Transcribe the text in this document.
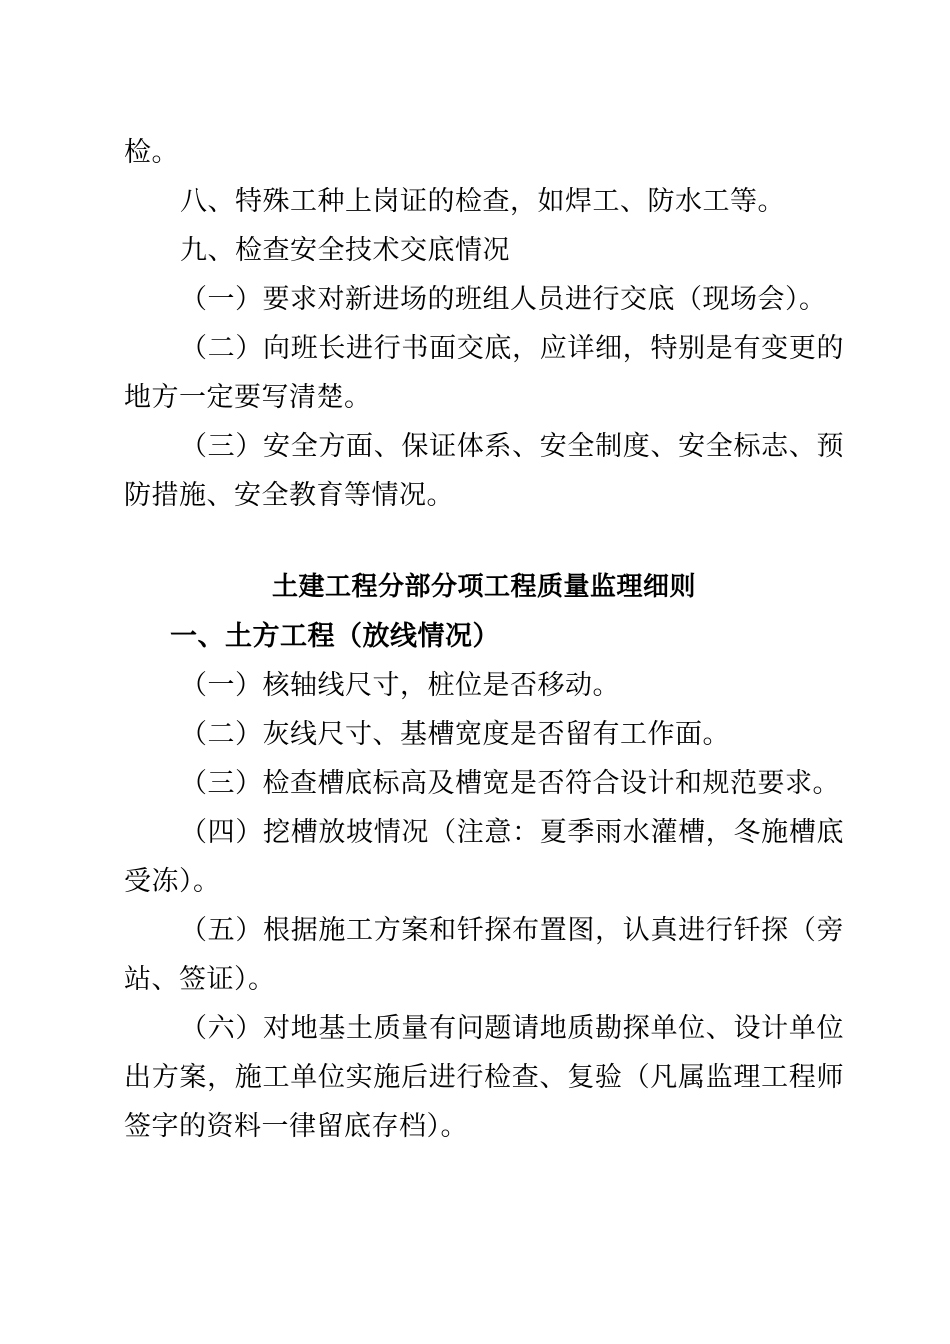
检。

八、特殊工种上岗证的检查，如焊工、防水工等。

九、检查安全技术交底情况

（一）要求对新进场的班组人员进行交底（现场会）。

（二）向班长进行书面交底，应详细，特别是有变更的地方一定要写清楚。

（三）安全方面、保证体系、安全制度、安全标志、预防措施、安全教育等情况。

土建工程分部分项工程质量监理细则

一、土方工程（放线情况）

（一）核轴线尺寸，桩位是否移动。

（二）灰线尺寸、基槽宽度是否留有工作面。

（三）检查槽底标高及槽宽是否符合设计和规范要求。

（四）挖槽放坡情况（注意：夏季雨水灌槽，冬施槽底受冻）。

（五）根据施工方案和钎探布置图，认真进行钎探（旁站、签证）。

（六）对地基土质量有问题请地质勘探单位、设计单位出方案，施工单位实施后进行检查、复验（凡属监理工程师签字的资料一律留底存档）。
